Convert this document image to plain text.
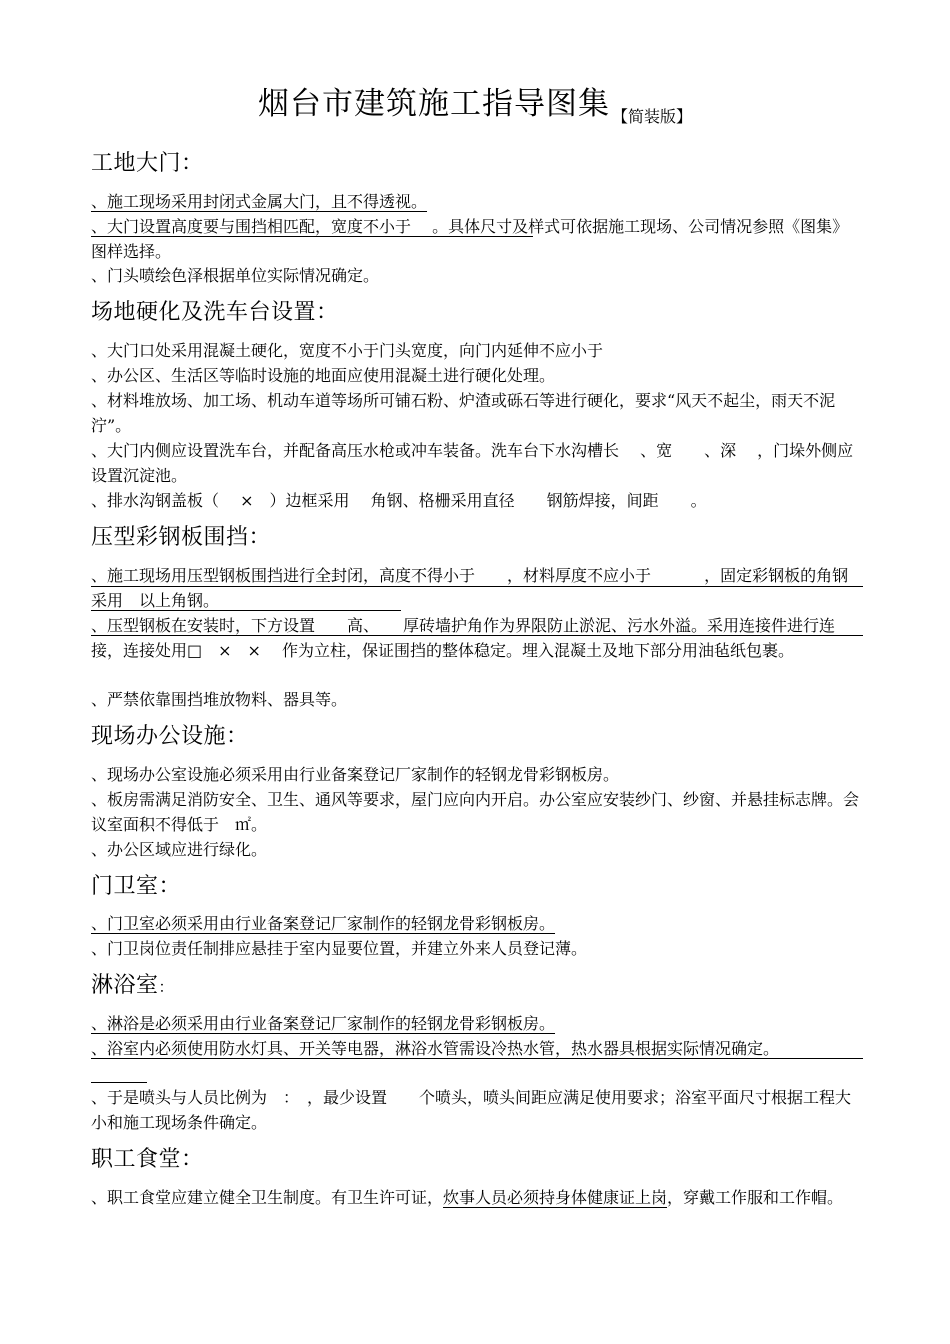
烟台市建筑施工指导图集 【简装版】
工地大门：
、施工现场采用封闭式金属大门，且不得透视。
、大门设置高度要与围挡相匹配，宽度不小于　 。具体尺寸及样式可依据施工现场、公司情况参照《图集》　图样选择。
、门头喷绘色泽根据单位实际情况确定。
场地硬化及洗车台设置：
、大门口处采用混凝土硬化，宽度不小于门头宽度，向门内延伸不应小于
、办公区、生活区等临时设施的地面应使用混凝土进行硬化处理。
、材料堆放场、加工场、机动车道等场所可铺石粉、炉渣或砾石等进行硬化，要求“风天不起尘，雨天不泥泞”。
、大门内侧应设置洗车台，并配备高压水枪或冲车装备。洗车台下水沟槽长　 、宽　　、深　 ，门垛外侧应设置沉淀池。
、排水沟钢盖板（　 ×　）边框采用　 角钢、格栅采用直径　　钢筋焊接，间距　　。
压型彩钢板围挡：
、施工现场用压型钢板围挡进行全封闭，高度不得小于　　，材料厚度不应小于　　　 ，固定彩钢板的角钢采用　以上角钢。
、压型钢板在安装时，下方设置　　高、　　厚砖墙护角作为界限防止淤泥、污水外溢。采用连接件进行连接，连接处用□　×　×　 作为立柱，保证围挡的整体稳定。埋入混凝土及地下部分用油毡纸包裹。
、严禁依靠围挡堆放物料、器具等。
现场办公设施：
、现场办公室设施必须采用由行业备案登记厂家制作的轻钢龙骨彩钢板房。
、板房需满足消防安全、卫生、通风等要求，屋门应向内开启。办公室应安装纱门、纱窗、并悬挂标志牌。会议室面积不得低于　㎡。
、办公区域应进行绿化。
门卫室：
、门卫室必须采用由行业备案登记厂家制作的轻钢龙骨彩钢板房。
、门卫岗位责任制排应悬挂于室内显要位置，并建立外来人员登记薄。
淋浴室：
、淋浴是必须采用由行业备案登记厂家制作的轻钢龙骨彩钢板房。
、浴室内必须使用防水灯具、开关等电器，淋浴水管需设冷热水管，热水器具根据实际情况确定。
、于是喷头与人员比例为　：　，最少设置　　个喷头，喷头间距应满足使用要求；浴室平面尺寸根据工程大小和施工现场条件确定。
职工食堂：
、职工食堂应建立健全卫生制度。有卫生许可证，炊事人员必须持身体健康证上岗，穿戴工作服和工作帽。
